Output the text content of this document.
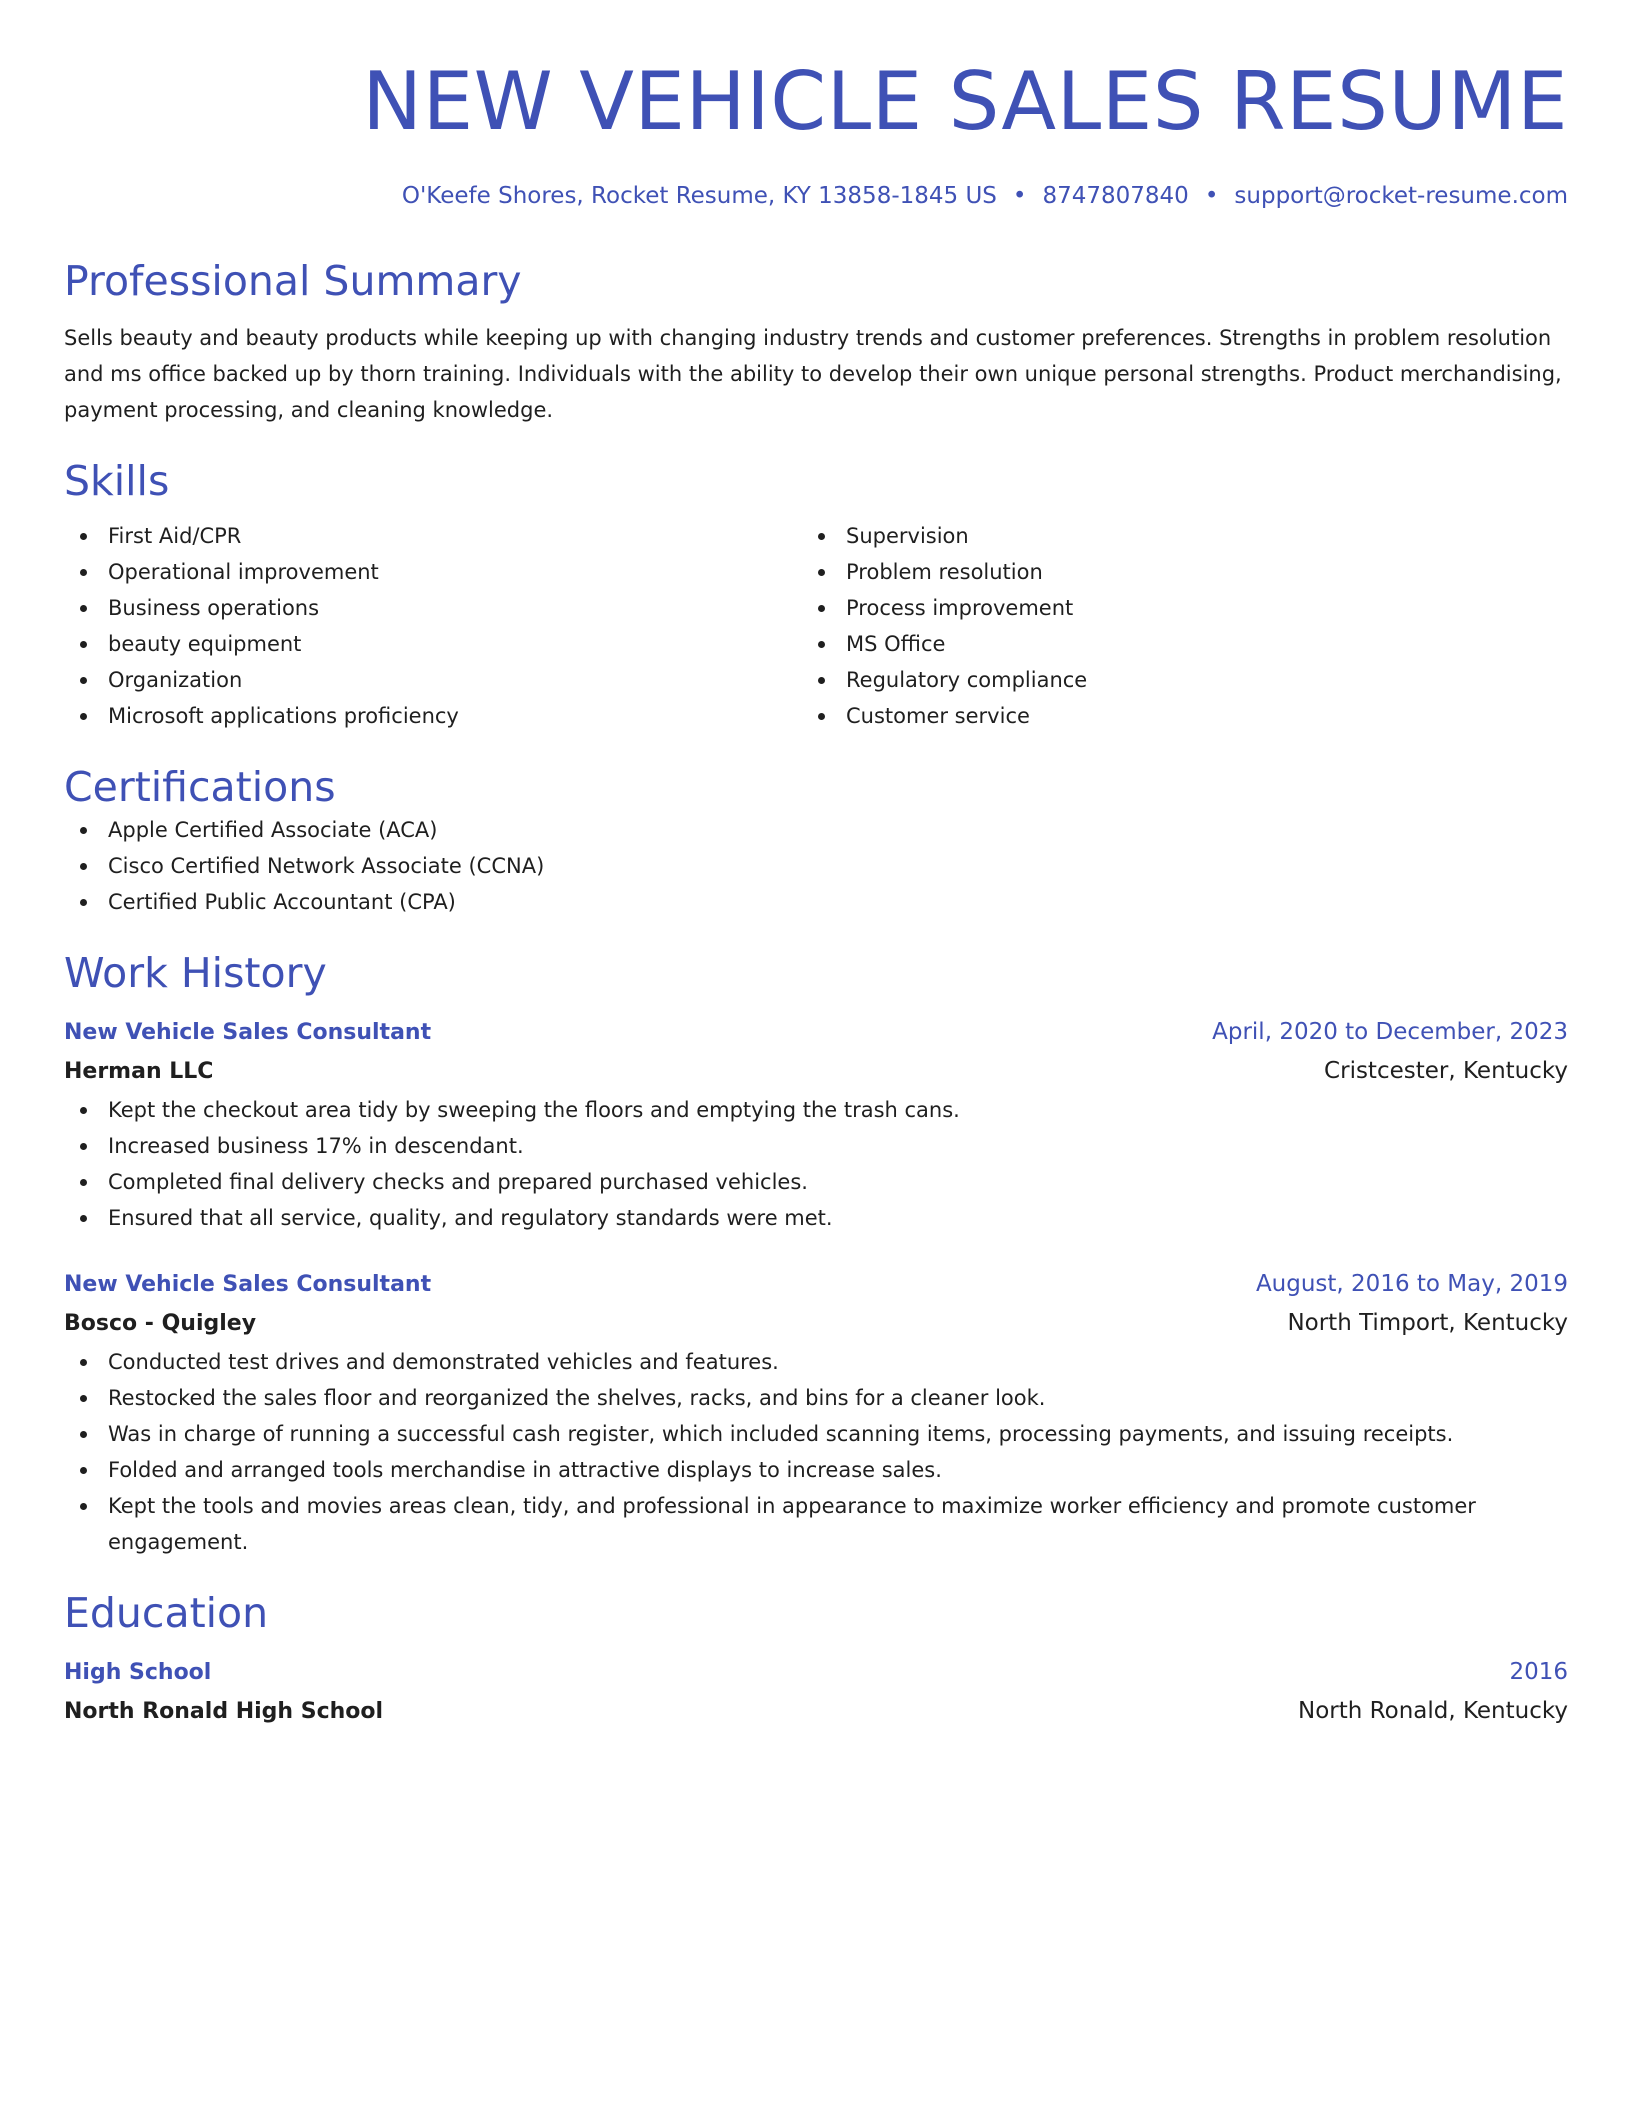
NEW VEHICLE SALES RESUME
O'Keefe Shores, Rocket Resume, KY 13858-1845 US • 8747807840 • support@rocket-resume.com
Professional Summary

Sells beauty and beauty products while keeping up with changing industry trends and customer preferences. Strengths in problem resolution and ms office backed up by thorn training. Individuals with the ability to develop their own unique personal strengths. Product merchandising, payment processing, and cleaning knowledge.

Skills
First Aid/CPR
Operational improvement
Business operations
beauty equipment
Organization
Microsoft applications proficiency
Supervision
Problem resolution
Process improvement
MS Office
Regulatory compliance
Customer service
Certifications
Apple Certified Associate (ACA)
Cisco Certified Network Associate (CCNA)
Certified Public Accountant (CPA)
Work History
New Vehicle Sales Consultant	April, 2020 to December, 2023
Herman LLC	Cristcester, Kentucky
Kept the checkout area tidy by sweeping the floors and emptying the trash cans.
Increased business 17% in descendant.
Completed final delivery checks and prepared purchased vehicles.
Ensured that all service, quality, and regulatory standards were met.
New Vehicle Sales Consultant	August, 2016 to May, 2019
Bosco - Quigley	North Timport, Kentucky
Conducted test drives and demonstrated vehicles and features.
Restocked the sales floor and reorganized the shelves, racks, and bins for a cleaner look.
Was in charge of running a successful cash register, which included scanning items, processing payments, and issuing receipts.
Folded and arranged tools merchandise in attractive displays to increase sales.
Kept the tools and movies areas clean, tidy, and professional in appearance to maximize worker efficiency and promote customer engagement.
Education
High School	2016
North Ronald High School	North Ronald, Kentucky
